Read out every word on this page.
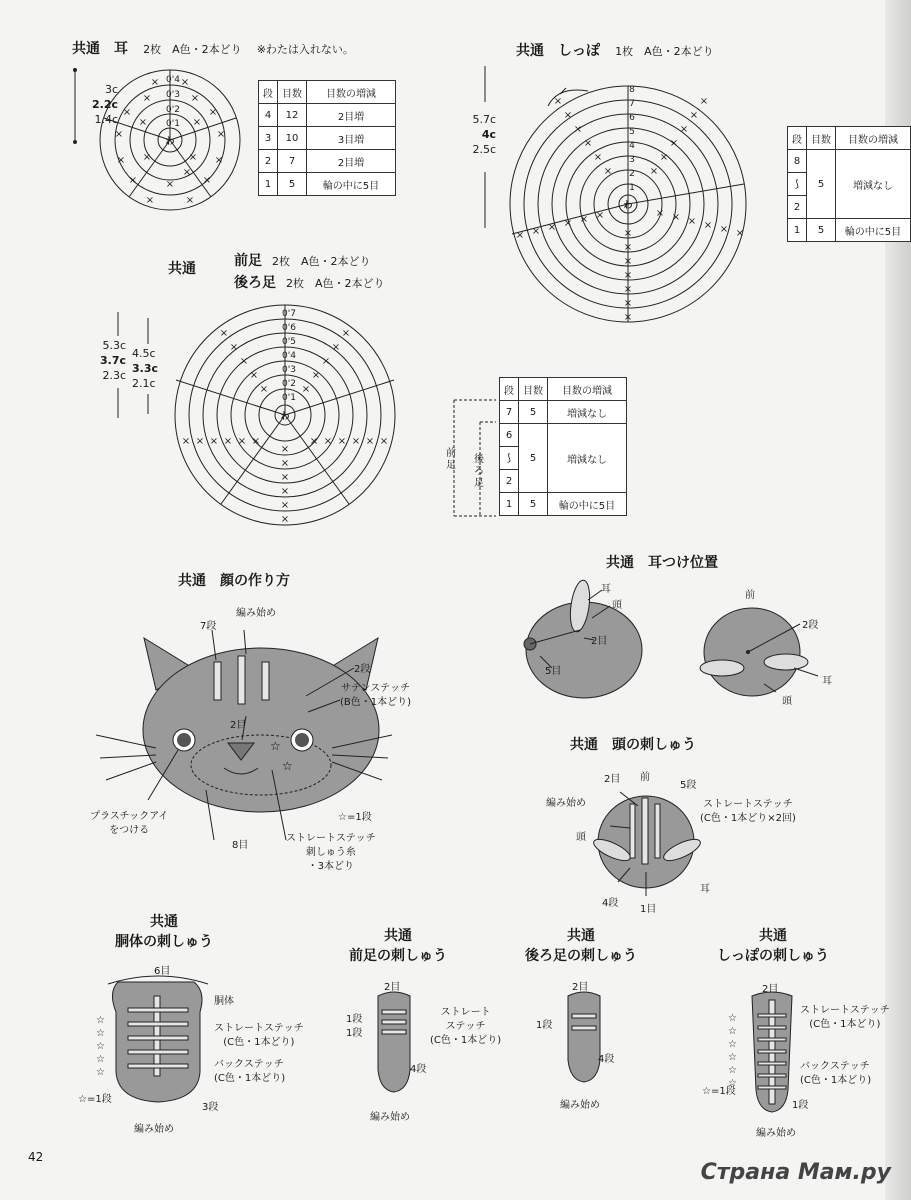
共通　耳 2枚　A色・2本どり ※わたは入れない。
3c
2.2c
1.4c
× ×
×	×
×
×
×
×
×
×
×
×
×
×
×
×
×
×
×
×
0'4
0'3
0'2
0'1
わ
段	目数	目数の増減
4	12	2目増
3	10	3目増
2	7	2目増
1	5	輪の中に5目
共通　しっぽ 1枚　A色・2本どり
5.7c
4c
2.5c
8
7
6
5
4
3
2
1
わ
×
×
×
×
×
×
×
×
×
×
×
×
× × × × × ×
×
×
×
×
×
×
×
×
×
×
×
×
×
段	目数	目数の増減
8	5	増減なし
⟆		
2		
1	5	輪の中に5目
共通	前足 2枚　A色・2本どり
後ろ足 2枚　A色・2本どり
5.3c
3.7c
2.3c
4.5c
3.3c
2.1c
0'7
0'6
0'5
0'4
0'3
0'2
0'1
わ
×
×
×
×
×
×
×
×
×
×
× × × × × ×	×
×
×
×
×
×
×
×
×
×
×
×
前足
後ろ足
段	目数	目数の増減
7	5	増減なし
6	5	増減なし
⟆		
2		
1	5	輪の中に5目
共通　顔の作り方
☆
☆
編み始め
7段
2段
サテンステッチ
(B色・1本どり)
2目
プラスチックアイ
をつける
☆=1段
8目
ストレートステッチ
刺しゅう糸
・3本どり
共通　耳つけ位置
耳
頭
2目
5目
前
2段
耳
頭
共通　頭の刺しゅう
2目 前
5段
編み始め	ストレートステッチ
(C色・1本どり×2回)
頭
耳
4段
1目
共通
胴体の刺しゅう
6目
胴体
ストレートステッチ
(C色・1本どり)
バックステッチ
(C色・1本どり)
☆
☆
☆
☆
☆
☆=1段
3段
編み始め
共通
前足の刺しゅう
2目
1段
1段
ストレート
ステッチ
(C色・1本どり)
4段
編み始め
共通
後ろ足の刺しゅう
2目
1段
4段
編み始め
共通
しっぽの刺しゅう
2目
ストレートステッチ
(C色・1本どり)
バックステッチ
(C色・1本どり)
☆
☆
☆
☆
☆
☆
☆=1段
1段
編み始め
42
Страна Мам.ру
